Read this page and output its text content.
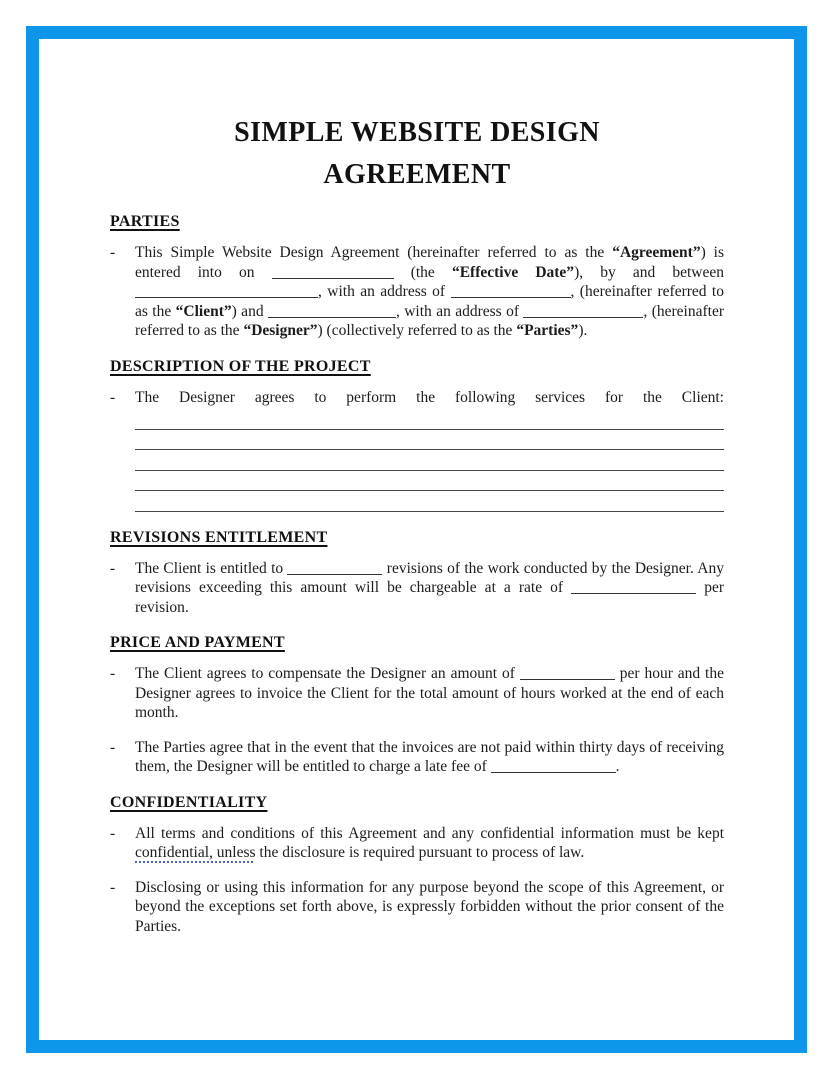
SIMPLE WEBSITE DESIGN
AGREEMENT
PARTIES
-	This Simple Website Design Agreement (hereinafter referred to as the “Agreement”) is entered into on	(the “Effective Date”), by and between , with an address of	, (hereinafter referred to as the “Client”) and	, with an address of	, (hereinafter referred to as the “Designer”) (collectively referred to as the “Parties”).
DESCRIPTION OF THE PROJECT
-	The Designer agrees to perform the following services for the Client:
REVISIONS ENTITLEMENT
-	The Client is entitled to	revisions of the work conducted by the Designer. Any revisions exceeding this amount will be chargeable at a rate of	per revision.
PRICE AND PAYMENT
-	The Client agrees to compensate the Designer an amount of	per hour and the Designer agrees to invoice the Client for the total amount of hours worked at the end of each month.
-	The Parties agree that in the event that the invoices are not paid within thirty days of receiving them, the Designer will be entitled to charge a late fee of	.
CONFIDENTIALITY
-	All terms and conditions of this Agreement and any confidential information must be kept confidential, unless the disclosure is required pursuant to process of law.
-	Disclosing or using this information for any purpose beyond the scope of this Agreement, or beyond the exceptions set forth above, is expressly forbidden without the prior consent of the Parties.
